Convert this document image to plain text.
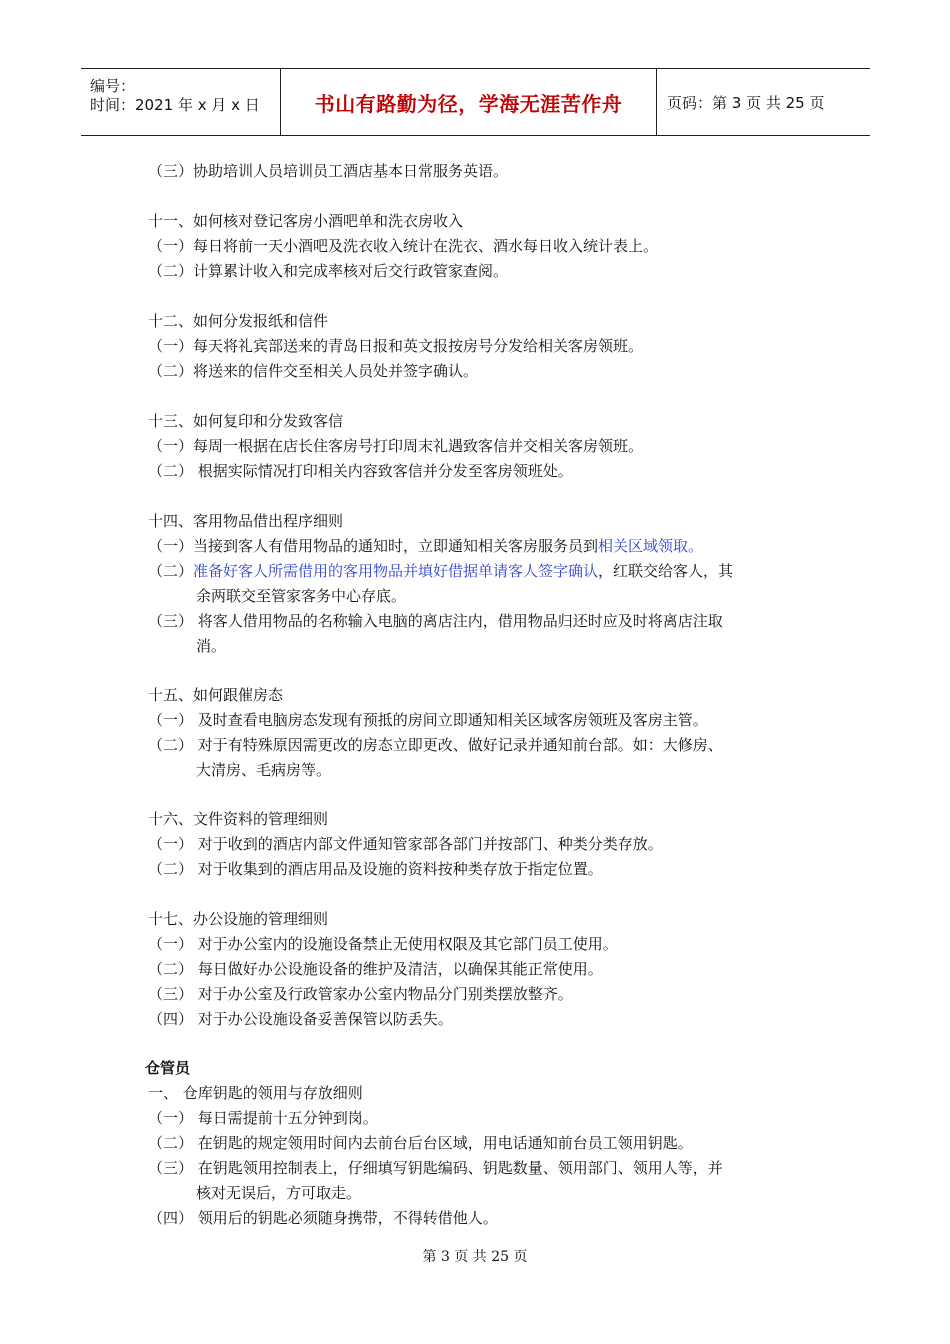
编号：
时间：2021 年 x 月 x 日	书山有路勤为径，学海无涯苦作舟	页码：第 3 页 共 25 页
（三）协助培训人员培训员工酒店基本日常服务英语。
十一、如何核对登记客房小酒吧单和洗衣房收入
（一）每日将前一天小酒吧及洗衣收入统计在洗衣、酒水每日收入统计表上。
（二）计算累计收入和完成率核对后交行政管家查阅。
十二、如何分发报纸和信件
（一）每天将礼宾部送来的青岛日报和英文报按房号分发给相关客房领班。
（二）将送来的信件交至相关人员处并签字确认。
十三、如何复印和分发致客信
（一）每周一根据在店长住客房号打印周末礼遇致客信并交相关客房领班。
（二） 根据实际情况打印相关内容致客信并分发至客房领班处。
十四、客用物品借出程序细则
（一）当接到客人有借用物品的通知时，立即通知相关客房服务员到相关区域领取。
（二）准备好客人所需借用的客用物品并填好借据单请客人签字确认，红联交给客人，其
余两联交至管家客务中心存底。
（三） 将客人借用物品的名称输入电脑的离店注内，借用物品归还时应及时将离店注取
消。
十五、如何跟催房态
（一） 及时查看电脑房态发现有预抵的房间立即通知相关区域客房领班及客房主管。
（二） 对于有特殊原因需更改的房态立即更改、做好记录并通知前台部。如：大修房、
大清房、毛病房等。
十六、文件资料的管理细则
（一） 对于收到的酒店内部文件通知管家部各部门并按部门、种类分类存放。
（二） 对于收集到的酒店用品及设施的资料按种类存放于指定位置。
十七、办公设施的管理细则
（一） 对于办公室内的设施设备禁止无使用权限及其它部门员工使用。
（二） 每日做好办公设施设备的维护及清洁，以确保其能正常使用。
（三） 对于办公室及行政管家办公室内物品分门别类摆放整齐。
（四） 对于办公设施设备妥善保管以防丢失。
仓管员
一、 仓库钥匙的领用与存放细则
（一） 每日需提前十五分钟到岗。
（二） 在钥匙的规定领用时间内去前台后台区域，用电话通知前台员工领用钥匙。
（三） 在钥匙领用控制表上，仔细填写钥匙编码、钥匙数量、领用部门、领用人等，并
核对无误后，方可取走。
（四） 领用后的钥匙必须随身携带，不得转借他人。
第 3 页 共 25 页
